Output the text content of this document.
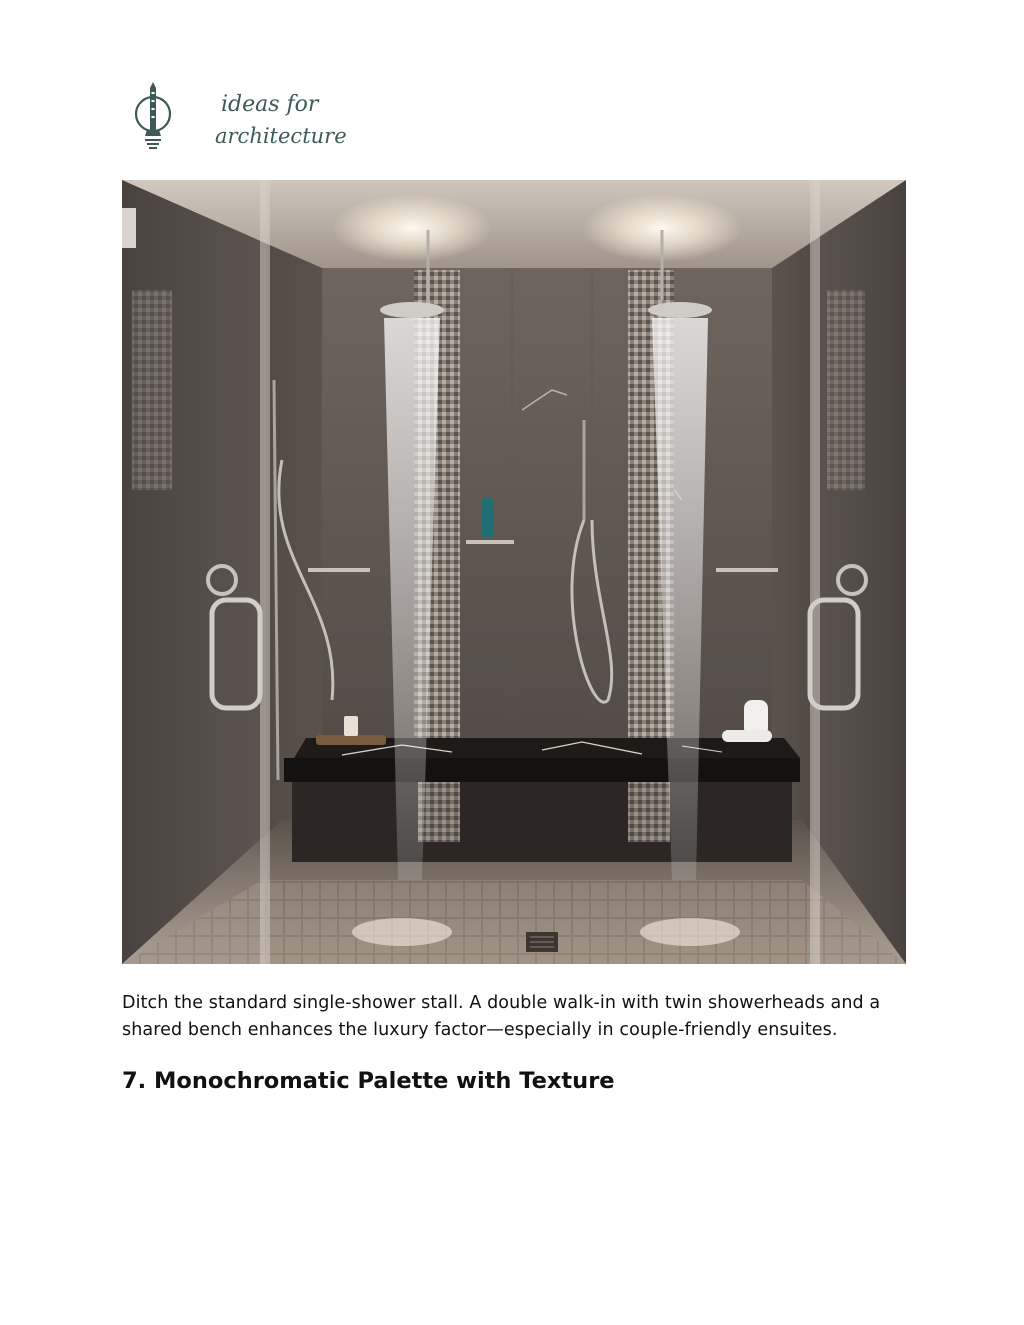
ideas for
architecture

Ditch the standard single-shower stall. A double walk-in with twin showerheads and a shared bench enhances the luxury factor—especially in couple-friendly ensuites.

7. Monochromatic Palette with Texture
